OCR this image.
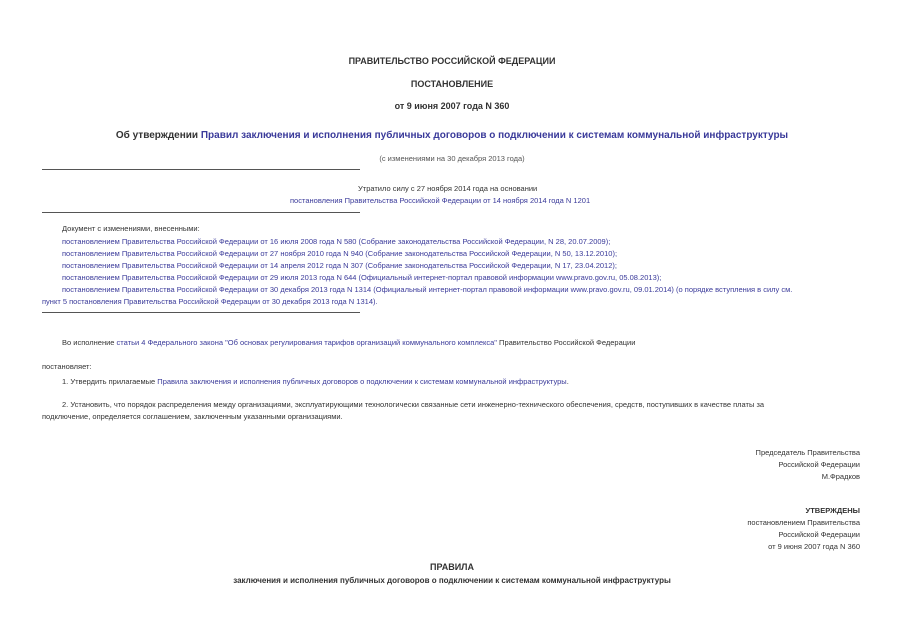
ПРАВИТЕЛЬСТВО РОССИЙСКОЙ ФЕДЕРАЦИИ
ПОСТАНОВЛЕНИЕ
от 9 июня 2007 года N 360
Об утверждении Правил заключения и исполнения публичных договоров о подключении к системам коммунальной инфраструктуры
(с изменениями на 30 декабря 2013 года)
Утратило силу с 27 ноября 2014 года на основании
постановления Правительства Российской Федерации от 14 ноября 2014 года N 1201
Документ с изменениями, внесенными:
постановлением Правительства Российской Федерации от 16 июля 2008 года N 580 (Собрание законодательства Российской Федерации, N 28, 20.07.2009);
постановлением Правительства Российской Федерации от 27 ноября 2010 года N 940 (Собрание законодательства Российской Федерации, N 50, 13.12.2010);
постановлением Правительства Российской Федерации от 14 апреля 2012 года N 307 (Собрание законодательства Российской Федерации, N 17, 23.04.2012);
постановлением Правительства Российской Федерации от 29 июля 2013 года N 644 (Официальный интернет-портал правовой информации www.pravo.gov.ru, 05.08.2013);
постановлением Правительства Российской Федерации от 30 декабря 2013 года N 1314 (Официальный интернет-портал правовой информации www.pravo.gov.ru, 09.01.2014) (о порядке вступления в силу см.
пункт 5 постановления Правительства Российской Федерации от 30 декабря 2013 года N 1314).
Во исполнение статьи 4 Федерального закона "Об основах регулирования тарифов организаций коммунального комплекса" Правительство Российской Федерации
постановляет:
1. Утвердить прилагаемые Правила заключения и исполнения публичных договоров о подключении к системам коммунальной инфраструктуры.
2. Установить, что порядок распределения между организациями, эксплуатирующими технологически связанные сети инженерно-технического обеспечения, средств, поступивших в качестве платы за
подключение, определяется соглашением, заключенным указанными организациями.
Председатель Правительства
Российской Федерации
М.Фрадков
УТВЕРЖДЕНЫ
постановлением Правительства
Российской Федерации
от 9 июня 2007 года N 360
ПРАВИЛА
заключения и исполнения публичных договоров о подключении к системам коммунальной инфраструктуры
